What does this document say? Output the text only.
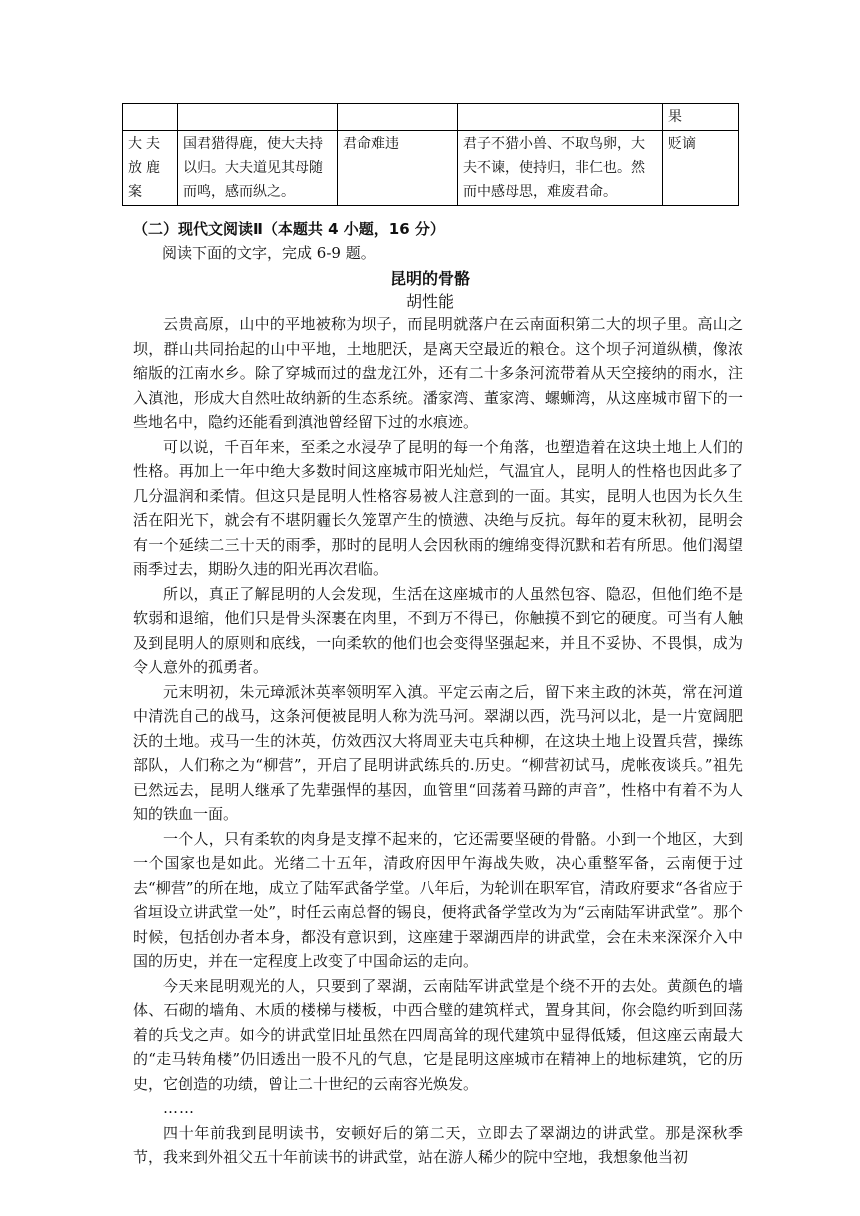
				果

大夫放鹿案	国君猎得鹿，使大夫持以归。大夫道见其母随而鸣，感而纵之。	君命难违	君子不猎小兽、不取鸟卵，大夫不谏，使持归，非仁也。然而中感母思，难废君命。	贬谪
（二）现代文阅读Ⅱ（本题共 4 小题，16 分）
阅读下面的文字，完成 6-9 题。
昆明的骨骼
胡性能

云贵高原，山中的平地被称为坝子，而昆明就落户在云南面积第二大的坝子里。高山之坝，群山共同抬起的山中平地，土地肥沃，是离天空最近的粮仓。这个坝子河道纵横，像浓缩版的江南水乡。除了穿城而过的盘龙江外，还有二十多条河流带着从天空接纳的雨水，注入滇池，形成大自然吐故纳新的生态系统。潘家湾、董家湾、螺蛳湾，从这座城市留下的一些地名中，隐约还能看到滇池曾经留下过的水痕迹。

可以说，千百年来，至柔之水浸孕了昆明的每一个角落，也塑造着在这块土地上人们的性格。再加上一年中绝大多数时间这座城市阳光灿烂，气温宜人，昆明人的性格也因此多了几分温润和柔情。但这只是昆明人性格容易被人注意到的一面。其实，昆明人也因为长久生活在阳光下，就会有不堪阴霾长久笼罩产生的愤懑、决绝与反抗。每年的夏末秋初，昆明会有一个延续二三十天的雨季，那时的昆明人会因秋雨的缠绵变得沉默和若有所思。他们渴望雨季过去，期盼久违的阳光再次君临。

所以，真正了解昆明的人会发现，生活在这座城市的人虽然包容、隐忍，但他们绝不是软弱和退缩，他们只是骨头深裹在肉里，不到万不得已，你触摸不到它的硬度。可当有人触及到昆明人的原则和底线，一向柔软的他们也会变得坚强起来，并且不妥协、不畏惧，成为令人意外的孤勇者。

元末明初，朱元璋派沐英率领明军入滇。平定云南之后，留下来主政的沐英，常在河道中清洗自己的战马，这条河便被昆明人称为洗马河。翠湖以西，洗马河以北，是一片宽阔肥沃的土地。戎马一生的沐英，仿效西汉大将周亚夫屯兵种柳，在这块土地上设置兵营，操练部队，人们称之为“柳营”，开启了昆明讲武练兵的.历史。“柳营初试马，虎帐夜谈兵。”祖先已然远去，昆明人继承了先辈强悍的基因，血管里“回荡着马蹄的声音”，性格中有着不为人知的铁血一面。

一个人，只有柔软的肉身是支撑不起来的，它还需要坚硬的骨骼。小到一个地区，大到一个国家也是如此。光绪二十五年，清政府因甲午海战失败，决心重整军备，云南便于过去“柳营”的所在地，成立了陆军武备学堂。八年后，为轮训在职军官，清政府要求“各省应于省垣设立讲武堂一处”，时任云南总督的锡良，便将武备学堂改为为“云南陆军讲武堂”。那个时候，包括创办者本身，都没有意识到，这座建于翠湖西岸的讲武堂，会在未来深深介入中国的历史，并在一定程度上改变了中国命运的走向。

今天来昆明观光的人，只要到了翠湖，云南陆军讲武堂是个绕不开的去处。黄颜色的墙体、石砌的墙角、木质的楼梯与楼板，中西合璧的建筑样式，置身其间，你会隐约听到回荡着的兵戈之声。如今的讲武堂旧址虽然在四周高耸的现代建筑中显得低矮，但这座云南最大的“走马转角楼”仍旧透出一股不凡的气息，它是昆明这座城市在精神上的地标建筑，它的历史，它创造的功绩，曾让二十世纪的云南容光焕发。

……

四十年前我到昆明读书，安顿好后的第二天，立即去了翠湖边的讲武堂。那是深秋季节，我来到外祖父五十年前读书的讲武堂，站在游人稀少的院中空地，我想象他当初
